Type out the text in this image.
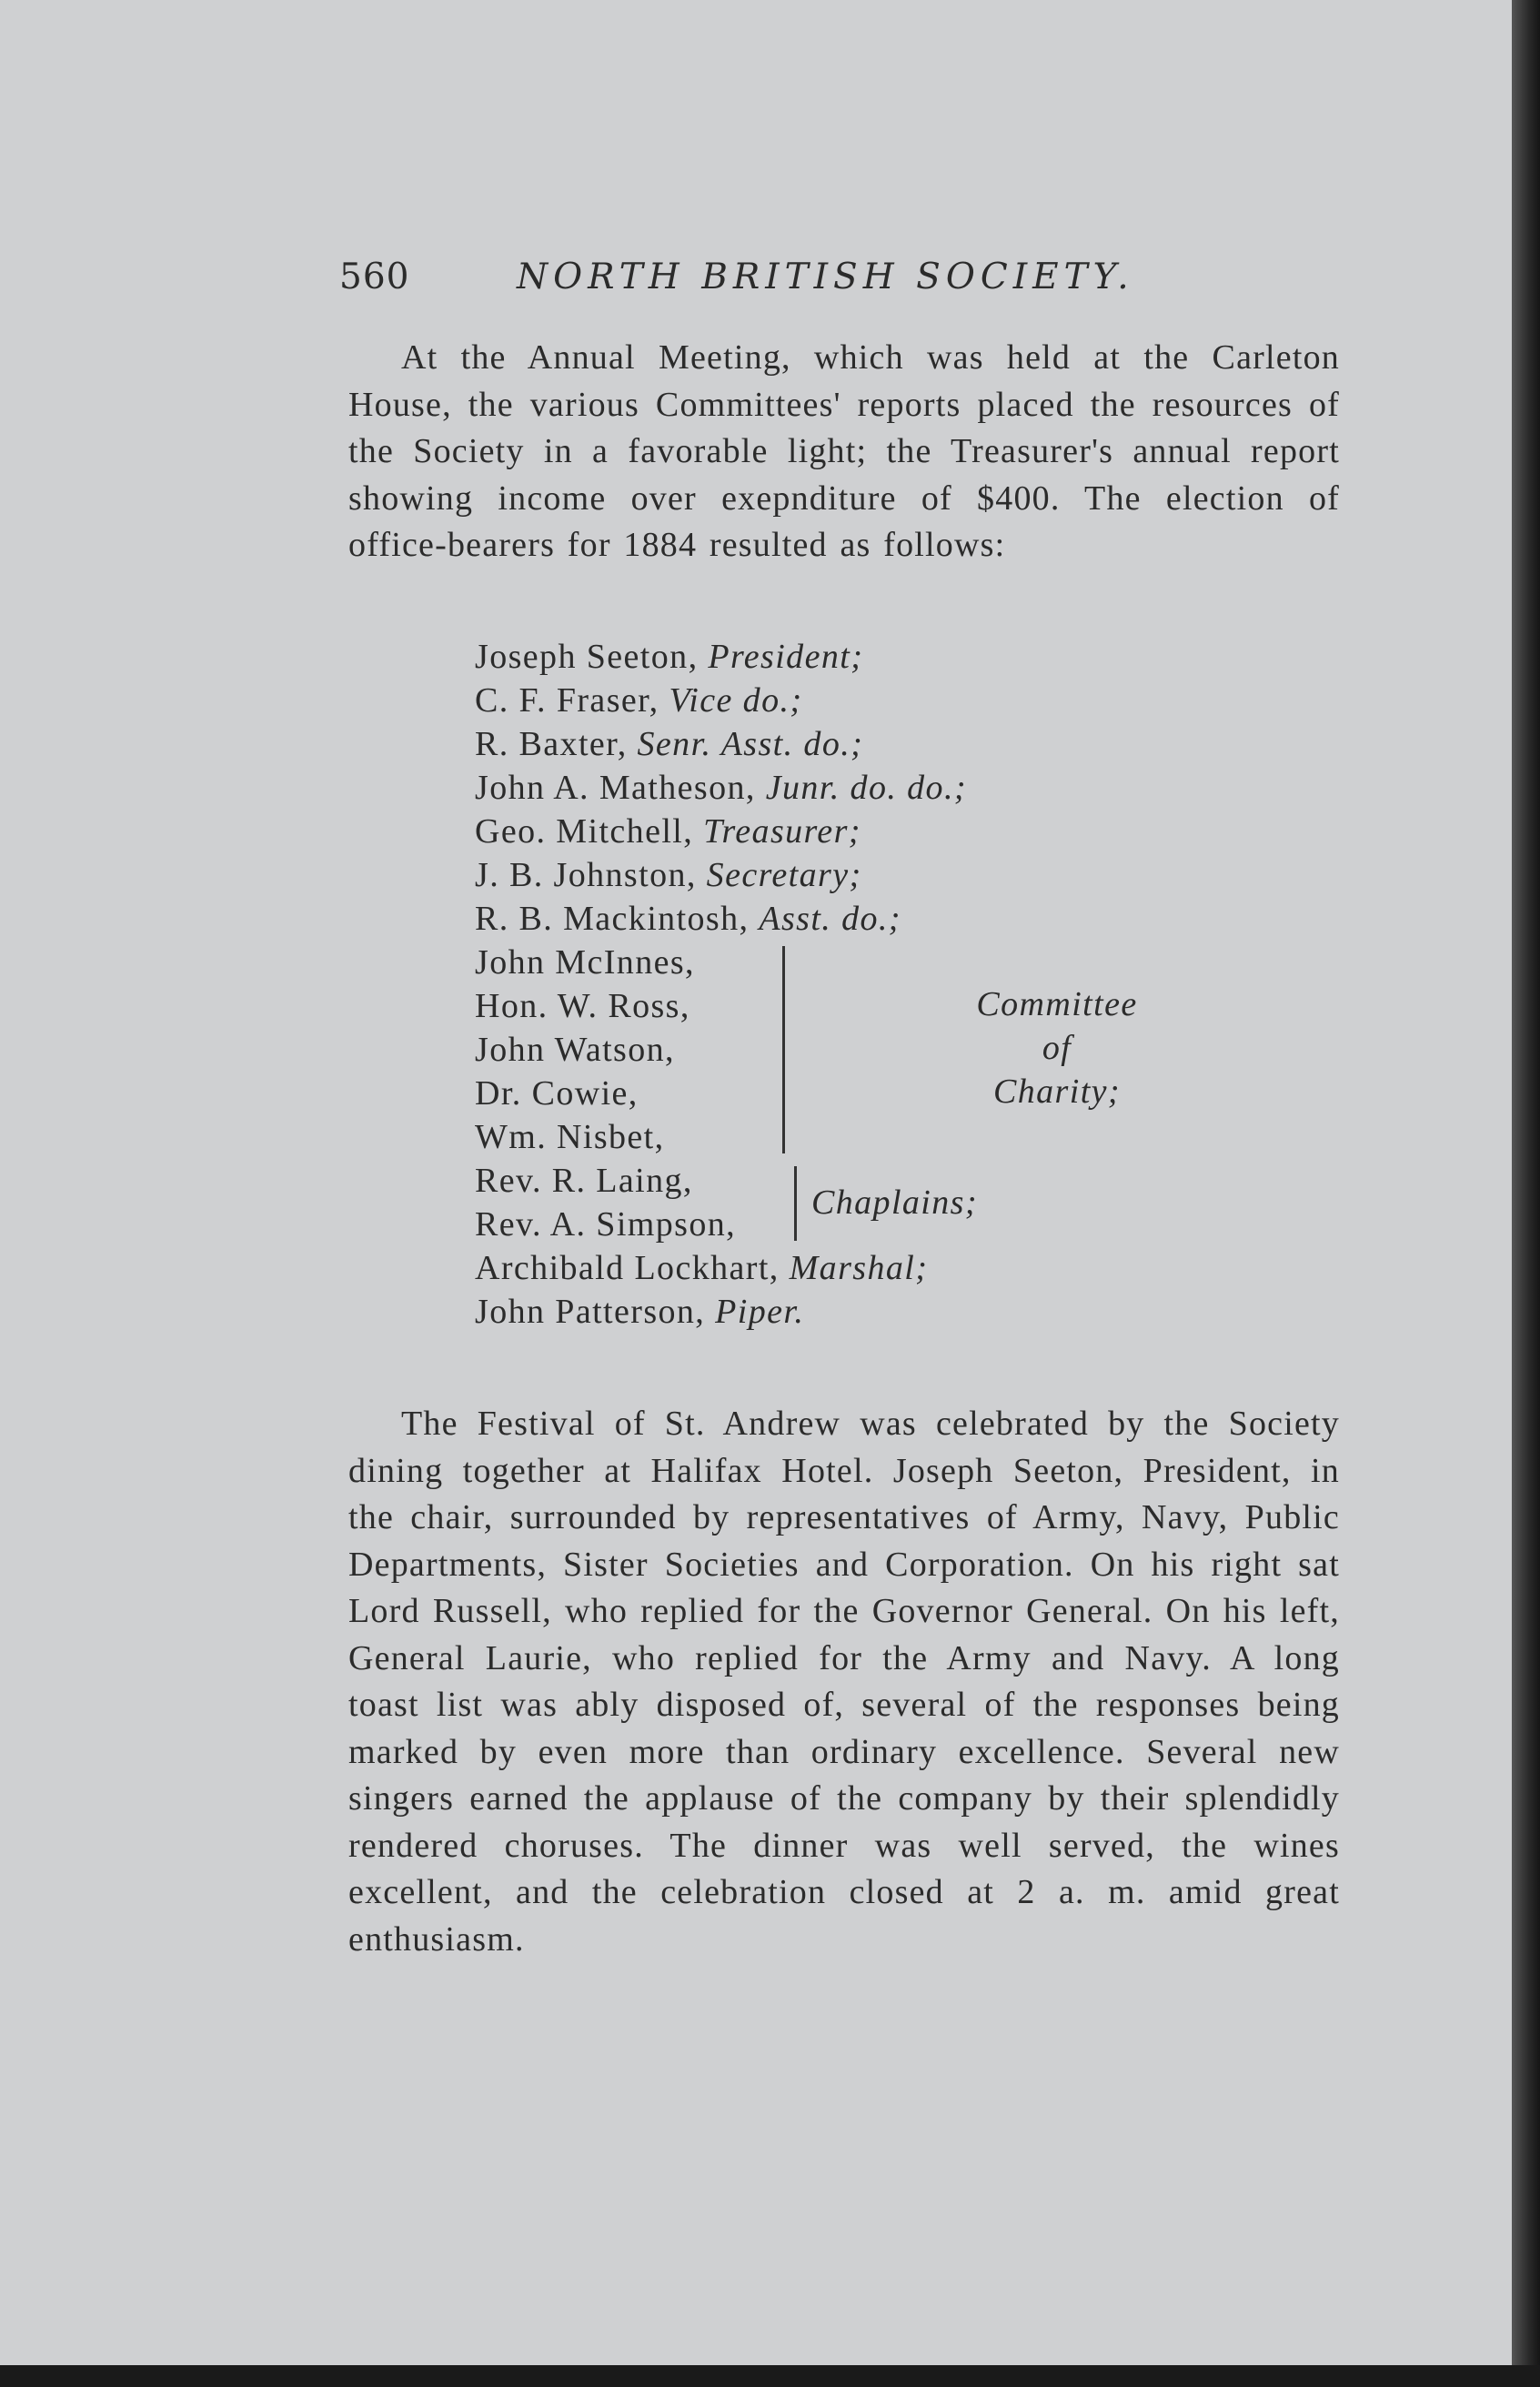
560	NORTH BRITISH SOCIETY.

At the Annual Meeting, which was held at the Carleton House, the various Committees' reports placed the resources of the Society in a favorable light; the Treasurer's annual report showing income over exepnditure of $400. The election of office-bearers for 1884 resulted as follows:

Joseph Seeton, President;
C. F. Fraser, Vice do.;
R. Baxter, Senr. Asst. do.;
John A. Matheson, Junr. do. do.;
Geo. Mitchell, Treasurer;
J. B. Johnston, Secretary;
R. B. Mackintosh, Asst. do.;
John McInnes,
Hon. W. Ross,
John Watson,
Dr. Cowie,
Wm. Nisbet,
Committee
of
Charity;
Rev. R. Laing,
Rev. A. Simpson,
Chaplains;
Archibald Lockhart, Marshal;
John Patterson, Piper.

The Festival of St. Andrew was celebrated by the Society dining together at Halifax Hotel. Joseph Seeton, President, in the chair, surrounded by representatives of Army, Navy, Public Departments, Sister Societies and Corporation. On his right sat Lord Russell, who replied for the Governor General. On his left, General Laurie, who replied for the Army and Navy. A long toast list was ably disposed of, several of the responses being marked by even more than ordinary excellence. Several new singers earned the applause of the company by their splendidly rendered choruses. The dinner was well served, the wines excellent, and the celebration closed at 2 a. m. amid great enthusiasm.
